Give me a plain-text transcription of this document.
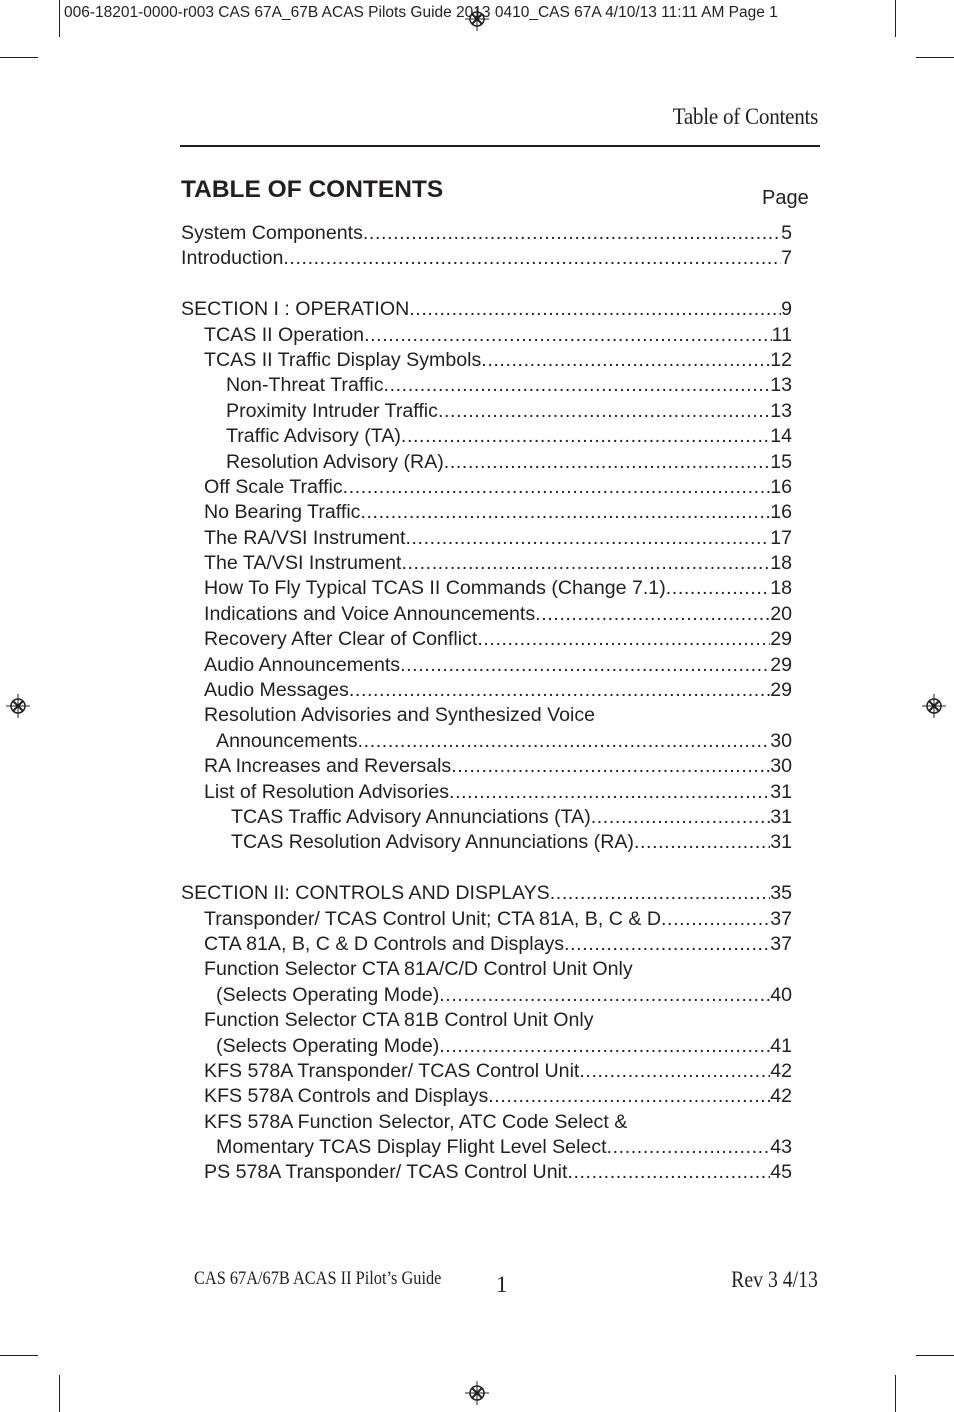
006-18201-0000-r003 CAS 67A_67B ACAS Pilots Guide 2013 0410_CAS 67A 4/10/13 11:11 AM Page 1
Table of Contents
TABLE OF CONTENTS	Page
System Components .....	5
Introduction .....	7
SECTION I : OPERATION .....	9
TCAS II Operation .....	11
TCAS II Traffic Display Symbols .....	12
Non-Threat Traffic .....	13
Proximity Intruder Traffic .....	13
Traffic Advisory (TA) .....	14
Resolution Advisory (RA) .....	15
Off Scale Traffic .....	16
No Bearing Traffic .....	16
The RA/VSI Instrument .....	17
The TA/VSI Instrument .....	18
How To Fly Typical TCAS II Commands (Change 7.1) .....	18
Indications and Voice Announcements .....	20
Recovery After Clear of Conflict .....	29
Audio Announcements .....	29
Audio Messages .....	29
Resolution Advisories and Synthesized Voice
Announcements .....	30
RA Increases and Reversals .....	30
List of Resolution Advisories .....	31
TCAS Traffic Advisory Annunciations (TA) .....	31
TCAS Resolution Advisory Annunciations (RA) .....	31
SECTION II: CONTROLS AND DISPLAYS .....	35
Transponder/ TCAS Control Unit; CTA 81A, B, C & D .....	37
CTA 81A, B, C & D Controls and Displays .....	37
Function Selector CTA 81A/C/D Control Unit Only
(Selects Operating Mode) .....	40
Function Selector CTA 81B Control Unit Only
(Selects Operating Mode) .....	41
KFS 578A Transponder/ TCAS Control Unit .....	42
KFS 578A Controls and Displays .....	42
KFS 578A Function Selector, ATC Code Select &
Momentary TCAS Display Flight Level Select .....	43
PS 578A Transponder/ TCAS Control Unit .....	45
CAS 67A/67B ACAS II Pilot’s Guide 1	Rev 3 4/13
